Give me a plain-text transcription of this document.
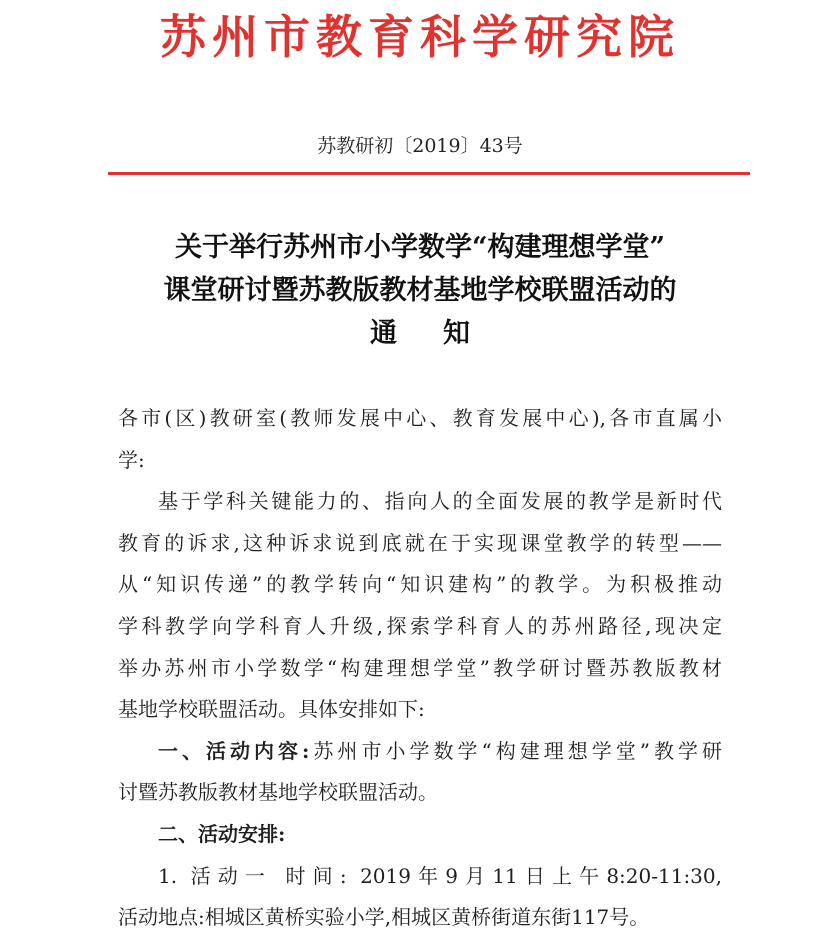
苏州市教育科学研究院
苏教研初〔2019〕43号
关于举行苏州市小学数学“构建理想学堂”
课堂研讨暨苏教版教材基地学校联盟活动的
通知

各市(区)教研室(教师发展中心、教育发展中心),各市直属小

学:

基于学科关键能力的、指向人的全面发展的教学是新时代

教育的诉求,这种诉求说到底就在于实现课堂教学的转型——

从“知识传递”的教学转向“知识建构”的教学。为积极推动

学科教学向学科育人升级,探索学科育人的苏州路径,现决定

举办苏州市小学数学“构建理想学堂”教学研讨暨苏教版教材

基地学校联盟活动。具体安排如下:

一、活动内容:苏州市小学数学“构建理想学堂”教学研

讨暨苏教版教材基地学校联盟活动。

二、活动安排:

1. 活动一 时间: 2019年9月11日上午8:20-11:30,

活动地点:相城区黄桥实验小学,相城区黄桥街道东街117号。
